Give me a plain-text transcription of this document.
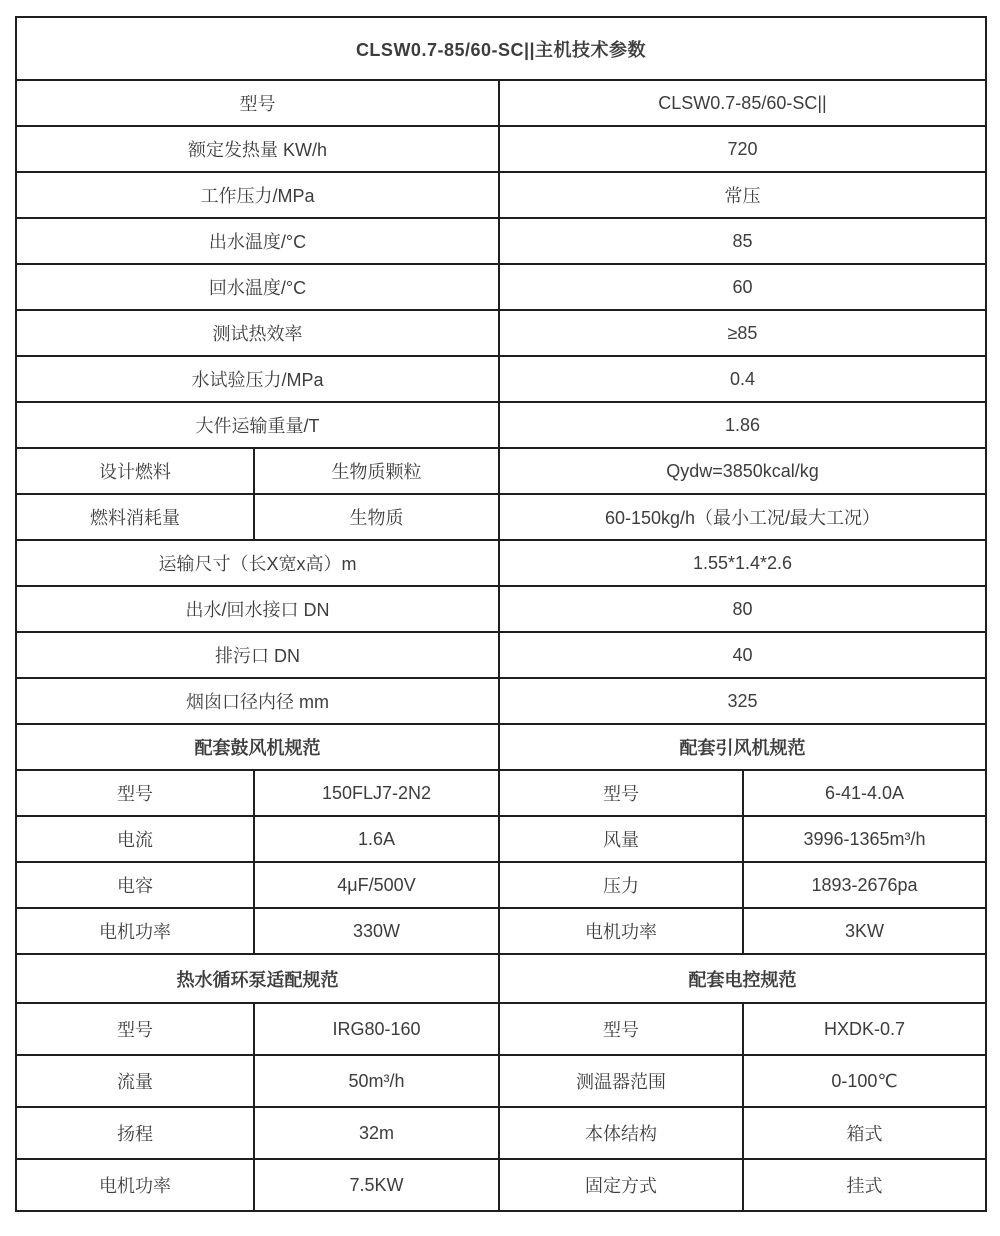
CLSW0.7-85/60-SC||主机技术参数			
型号		CLSW0.7-85/60-SC||	
额定发热量 KW/h		720	
工作压力/MPa		常压	
出水温度/°C		85	
回水温度/°C		60	
测试热效率		≥85	
水试验压力/MPa		0.4	
大件运输重量/T		1.86	
设计燃料	生物质颗粒	Qydw=3850kcal/kg	
燃料消耗量	生物质	60-150kg/h（最小工况/最大工况）	
运输尺寸（长X宽x高）m		1.55*1.4*2.6	
出水/回水接口 DN		80	
排污口 DN		40	
烟囱口径内径 mm		325	
配套鼓风机规范		配套引风机规范	
型号	150FLJ7-2N2	型号	6-41-4.0A
电流	1.6A	风量	3996-1365m³/h
电容	4μF/500V	压力	1893-2676pa
电机功率	330W	电机功率	3KW
热水循环泵适配规范		配套电控规范	
型号	IRG80-160	型号	HXDK-0.7
流量	50m³/h	测温器范围	0-100℃
扬程	32m	本体结构	箱式
电机功率	7.5KW	固定方式	挂式
